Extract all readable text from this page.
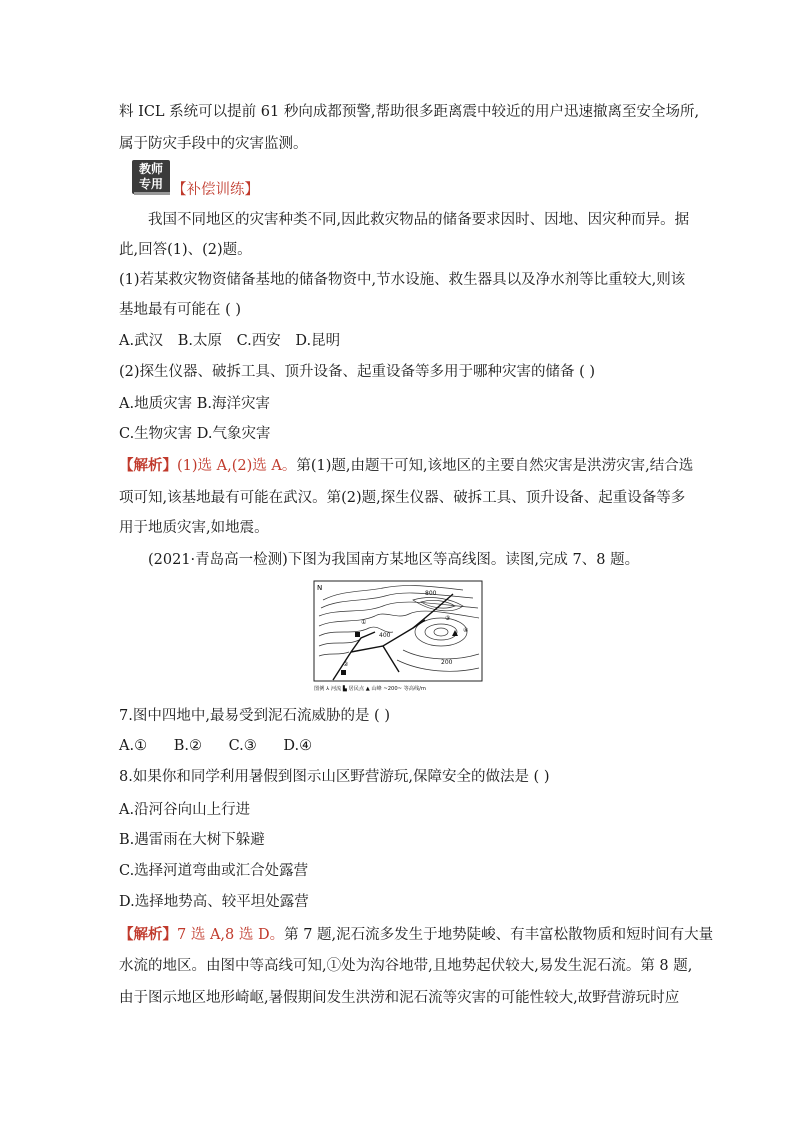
料 ICL 系统可以提前 61 秒向成都预警,帮助很多距离震中较近的用户迅速撤离至安全场所,
属于防灾手段中的灾害监测。
教师
专用 【补偿训练】
我国不同地区的灾害种类不同,因此救灾物品的储备要求因时、因地、因灾种而异。据
此,回答(1)、(2)题。
(1)若某救灾物资储备基地的储备物资中,节水设施、救生器具以及净水剂等比重较大,则该
基地最有可能在 ( )
A.武汉 B.太原 C.西安 D.昆明
(2)探生仪器、破拆工具、顶升设备、起重设备等多用于哪种灾害的储备 ( )
A.地质灾害 B.海洋灾害
C.生物灾害 D.气象灾害
【解析】(1)选 A,(2)选 A。第(1)题,由题干可知,该地区的主要自然灾害是洪涝灾害,结合选
项可知,该基地最有可能在武汉。第(2)题,探生仪器、破拆工具、顶升设备、起重设备等多
用于地质灾害,如地震。
(2021·青岛高一检测)下图为我国南方某地区等高线图。读图,完成 7、8 题。
N
800
400
200
①
②
③
④
图例 ⅄ 河流 ▙ 居民点 ▲ 山峰 ~200~ 等高线/m
7.图中四地中,最易受到泥石流威胁的是 ( )
A.① B.② C.③ D.④
8.如果你和同学利用暑假到图示山区野营游玩,保障安全的做法是 ( )
A.沿河谷向山上行进
B.遇雷雨在大树下躲避
C.选择河道弯曲或汇合处露营
D.选择地势高、较平坦处露营
【解析】7 选 A,8 选 D。第 7 题,泥石流多发生于地势陡峻、有丰富松散物质和短时间有大量
水流的地区。由图中等高线可知,①处为沟谷地带,且地势起伏较大,易发生泥石流。第 8 题,
由于图示地区地形崎岖,暑假期间发生洪涝和泥石流等灾害的可能性较大,故野营游玩时应
